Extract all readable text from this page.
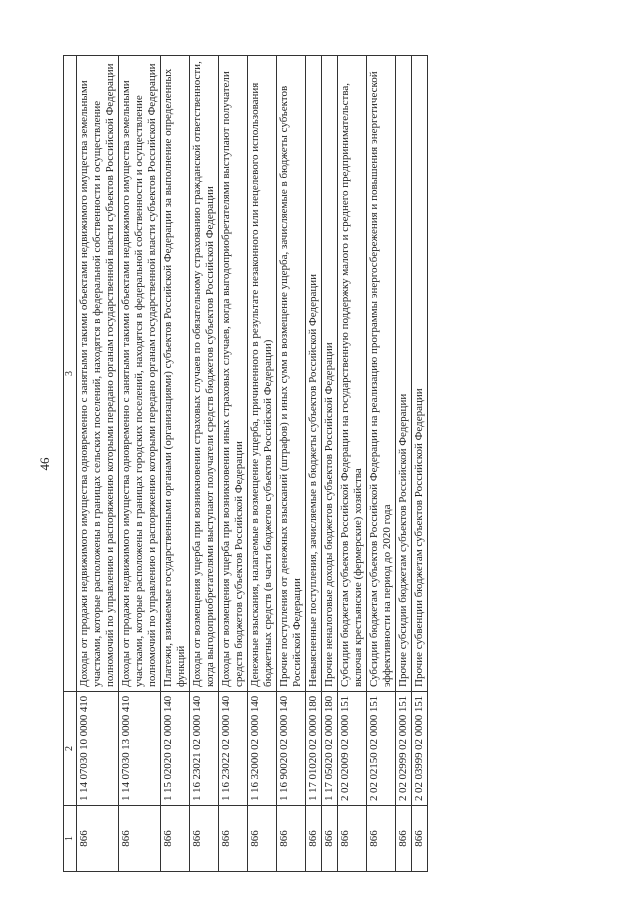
46
1	2	3
866	1 14 07030 10 0000 410	Доходы от продажи недвижимого имущества одновременно с занятыми такими объектами недвижимого имущества земельными участками, которые расположены в границах сельских поселений, находятся в федеральной собственности и осуществление полномочий по управлению и распоряжению которыми передано органам государственной власти субъектов Российской Федерации
866	1 14 07030 13 0000 410	Доходы от продажи недвижимого имущества одновременно с занятыми такими объектами недвижимого имущества земельными участками, которые расположены в границах городских поселений, находятся в федеральной собственности и осуществление полномочий по управлению и распоряжению которыми передано органам государственной власти субъектов Российской Федерации
866	1 15 02020 02 0000 140	Платежи, взимаемые государственными органами (организациями) субъектов Российской Федерации за выполнение определенных функций
866	1 16 23021 02 0000 140	Доходы от возмещения ущерба при возникновении страховых случаев по обязательному страхованию гражданской ответственности, когда выгодоприобретателями выступают получатели средств бюджетов субъектов Российской Федерации
866	1 16 23022 02 0000 140	Доходы от возмещения ущерба при возникновении иных страховых случаев, когда выгодоприобретателями выступают получатели средств бюджетов субъектов Российской Федерации
866	1 16 32000 02 0000 140	Денежные взыскания, налагаемые в возмещение ущерба, причиненного в результате незаконного или нецелевого использования бюджетных средств (в части бюджетов субъектов Российской Федерации)
866	1 16 90020 02 0000 140	Прочие поступления от денежных взысканий (штрафов) и иных сумм в возмещение ущерба, зачисляемые в бюджеты субъектов Российской Федерации
866	1 17 01020 02 0000 180	Невыясненные поступления, зачисляемые в бюджеты субъектов Российской Федерации
866	1 17 05020 02 0000 180	Прочие неналоговые доходы бюджетов субъектов Российской Федерации
866	2 02 02009 02 0000 151	Субсидии бюджетам субъектов Российской Федерации на государственную поддержку малого и среднего предпринимательства, включая крестьянские (фермерские) хозяйства
866	2 02 02150 02 0000 151	Субсидии бюджетам субъектов Российской Федерации на реализацию программы энергосбережения и повышения энергетической эффективности на период до 2020 года
866	2 02 02999 02 0000 151	Прочие субсидии бюджетам субъектов Российской Федерации
866	2 02 03999 02 0000 151	Прочие субвенции бюджетам субъектов Российской Федерации
